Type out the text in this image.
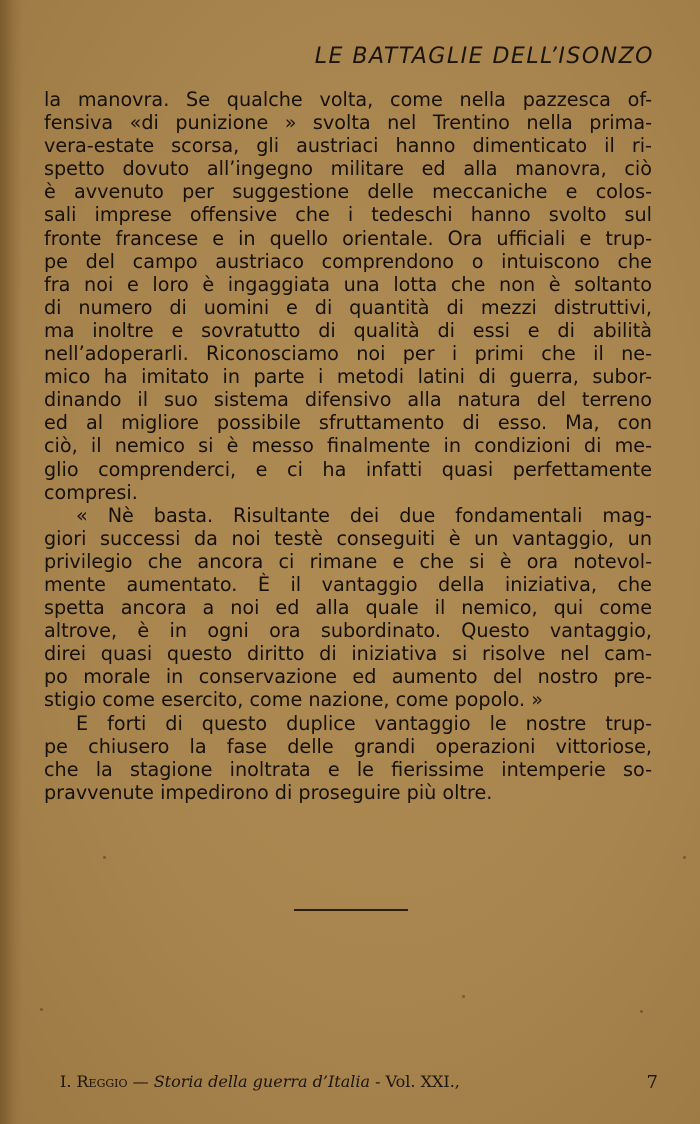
LE BATTAGLIE DELL’ISONZO

la manovra. Se qualche volta, come nella pazzesca of-

fensiva «di punizione » svolta nel Trentino nella prima-

vera-estate scorsa, gli austriaci hanno dimenticato il ri-

spetto dovuto all’ingegno militare ed alla manovra, ciò

è avvenuto per suggestione delle meccaniche e colos-

sali imprese offensive che i tedeschi hanno svolto sul

fronte francese e in quello orientale. Ora ufficiali e trup-

pe del campo austriaco comprendono o intuiscono che

fra noi e loro è ingaggiata una lotta che non è soltanto

di numero di uomini e di quantità di mezzi distruttivi,

ma inoltre e sovratutto di qualità di essi e di abilità

nell’adoperarli. Riconosciamo noi per i primi che il ne-

mico ha imitato in parte i metodi latini di guerra, subor-

dinando il suo sistema difensivo alla natura del terreno

ed al migliore possibile sfruttamento di esso. Ma, con

ciò, il nemico si è messo finalmente in condizioni di me-

glio comprenderci, e ci ha infatti quasi perfettamente

compresi.

« Nè basta. Risultante dei due fondamentali mag-

giori successi da noi testè conseguiti è un vantaggio, un

privilegio che ancora ci rimane e che si è ora notevol-

mente aumentato. È il vantaggio della iniziativa, che

spetta ancora a noi ed alla quale il nemico, qui come

altrove, è in ogni ora subordinato. Questo vantaggio,

direi quasi questo diritto di iniziativa si risolve nel cam-

po morale in conservazione ed aumento del nostro pre-

stigio come esercito, come nazione, come popolo. »

E forti di questo duplice vantaggio le nostre trup-

pe chiusero la fase delle grandi operazioni vittoriose,

che la stagione inoltrata e le fierissime intemperie so-

pravvenute impedirono di proseguire più oltre.

I. Reggio — Storia della guerra d’Italia - Vol. XXI.,	7
